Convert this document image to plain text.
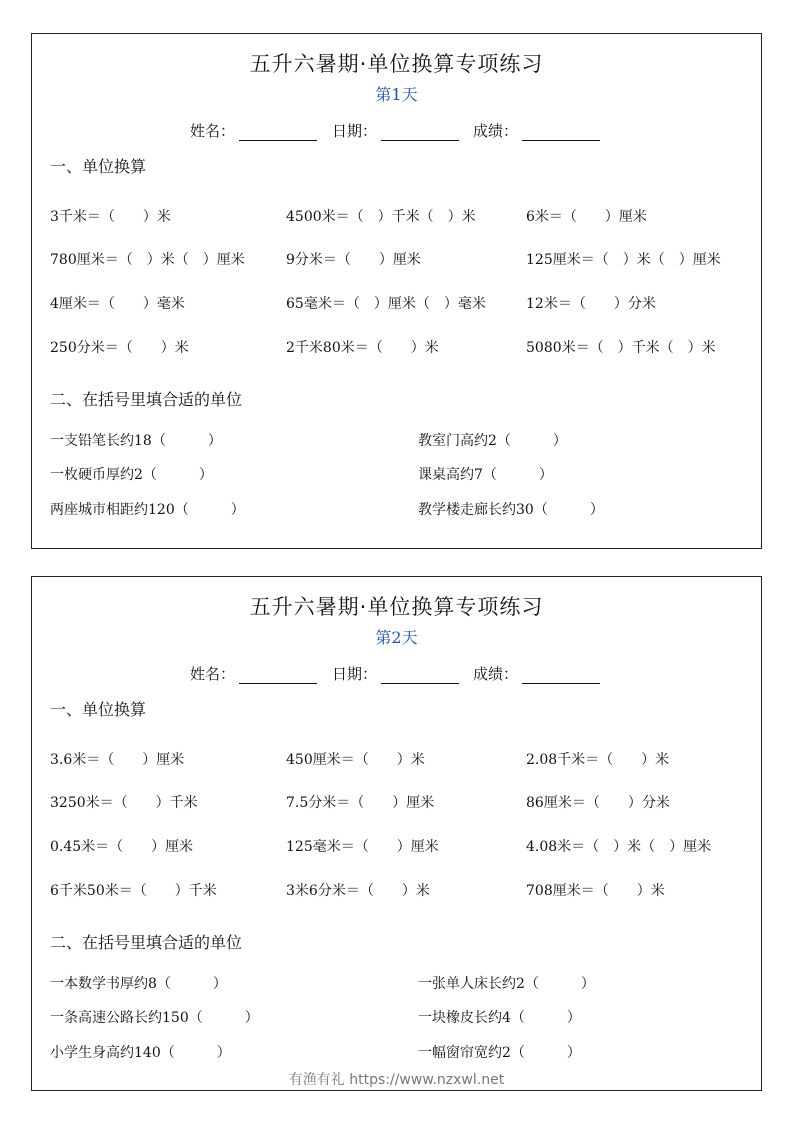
五升六暑期·单位换算专项练习
第1天
姓名：	日期：	成绩：
一、单位换算
3千米＝（　　）米	4500米＝（　）千米（　）米	6米＝（　　）厘米
780厘米＝（　）米（　）厘米	9分米＝（　　）厘米	125厘米＝（　）米（　）厘米
4厘米＝（　　）毫米	65毫米＝（　）厘米（　）毫米	12米＝（　　）分米
250分米＝（　　）米	2千米80米＝（　　）米	5080米＝（　）千米（　）米
二、在括号里填合适的单位
一支铅笔长约18（　　　）	教室门高约2（　　　）
一枚硬币厚约2（　　　）	课桌高约7（　　　）
两座城市相距约120（　　　）	教学楼走廊长约30（　　　）
五升六暑期·单位换算专项练习
第2天
姓名：	日期：	成绩：
一、单位换算
3.6米＝（　　）厘米	450厘米＝（　　）米	2.08千米＝（　　）米
3250米＝（　　）千米	7.5分米＝（　　）厘米	86厘米＝（　　）分米
0.45米＝（　　）厘米	125毫米＝（　　）厘米	4.08米＝（　）米（　）厘米
6千米50米＝（　　）千米	3米6分米＝（　　）米	708厘米＝（　　）米
二、在括号里填合适的单位
一本数学书厚约8（　　　）	一张单人床长约2（　　　）
一条高速公路长约150（　　　）	一块橡皮长约4（　　　）
小学生身高约140（　　　）	一幅窗帘宽约2（　　　）
有渔有礼 https://www.nzxwl.net
